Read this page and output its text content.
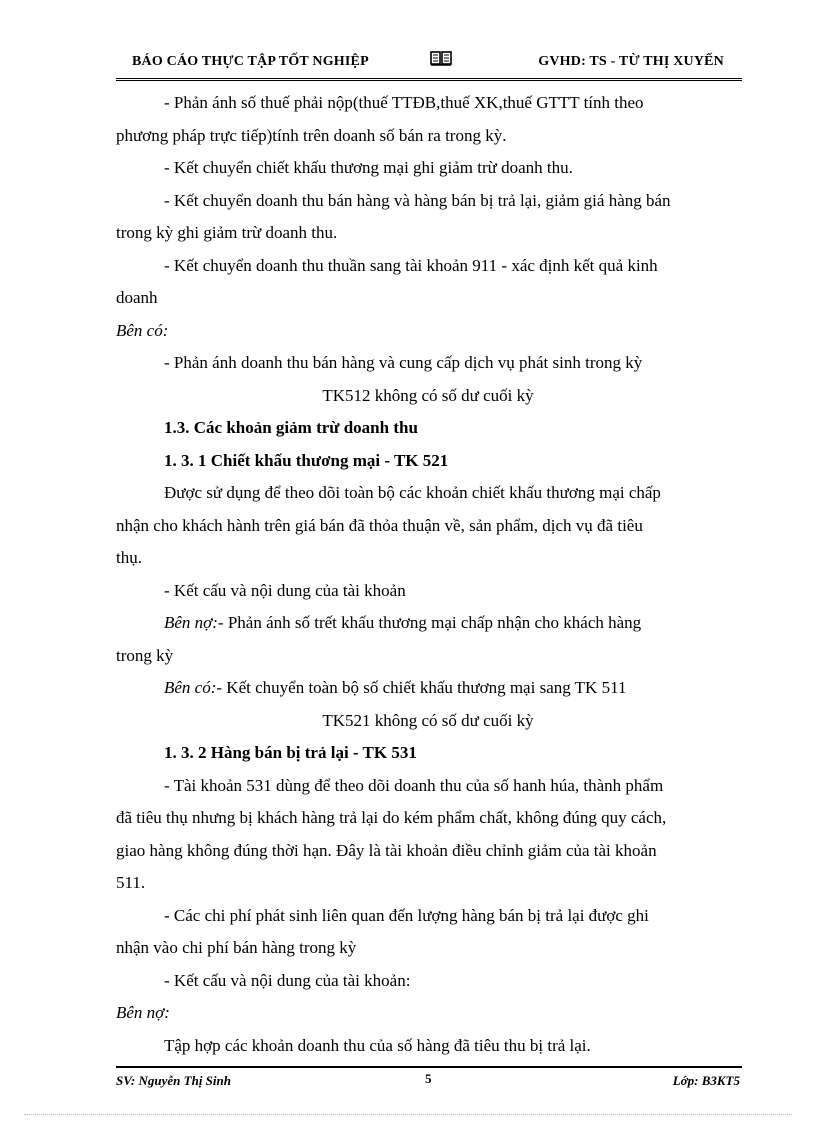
BÁO CÁO THỰC TẬP TỐT NGHIỆP	GVHD: TS - TỪ THỊ XUYẾN
- Phản ánh số thuế phải nộp(thuế TTĐB,thuế XK,thuế GTTT tính theo
phương pháp trực tiếp)tính trên doanh số bán ra trong kỳ.
- Kết chuyển chiết khấu thương mại ghi giảm trừ doanh thu.
- Kết chuyển doanh thu bán hàng và hàng bán bị trả lại, giảm giá hàng bán
trong kỳ ghi giảm trừ doanh thu.
- Kết chuyển doanh thu thuần sang tài khoản 911 - xác định kết quả kinh
doanh
Bên có:
- Phản ánh doanh thu bán hàng và cung cấp dịch vụ phát sinh trong kỳ
TK512 không có số dư cuối kỳ
1.3. Các khoản giảm trừ doanh thu
1. 3. 1 Chiết khấu thương mại - TK 521
Được sử dụng để theo dõi toàn bộ các khoản chiết khấu thương mại chấp
nhận cho khách hành trên giá bán đã thỏa thuận về, sản phẩm, dịch vụ đã tiêu
thụ.
- Kết cấu và nội dung của tài khoản
Bên nợ:- Phản ánh số trết khấu thương mại chấp nhận cho khách hàng
trong kỳ
Bên có:- Kết chuyển toàn bộ số chiết khấu thương mại sang TK 511
TK521 không có số dư cuối kỳ
1. 3. 2 Hàng bán bị trả lại - TK 531
- Tài khoản 531 dùng để theo dõi doanh thu của số hanh húa, thành phẩm
đã tiêu thụ nhưng bị khách hàng trả lại do kém phẩm chất, không đúng quy cách,
giao hàng không đúng thời hạn. Đây là tài khoản điều chỉnh giảm của tài khoản
511.
- Các chi phí phát sinh liên quan đến lượng hàng bán bị trả lại được ghi
nhận vào chi phí bán hàng trong kỳ
- Kết cấu và nội dung của tài khoản:
Bên nợ:
Tập hợp các khoản doanh thu của số hàng đã tiêu thu bị trả lại.
SV: Nguyễn Thị Sinh	5	Lớp: B3KT5
